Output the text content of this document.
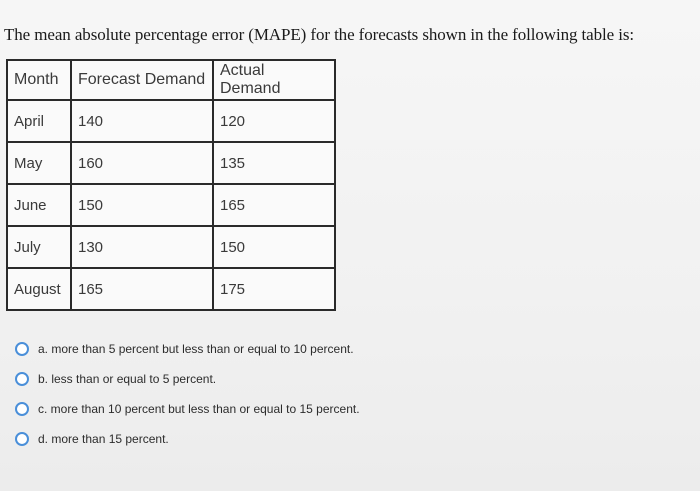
The mean absolute percentage error (MAPE) for the forecasts shown in the following table is:
Month	Forecast Demand	Actual Demand
April	140	120
May	160	135
June	150	165
July	130	150
August	165	175
a. more than 5 percent but less than or equal to 10 percent.
b. less than or equal to 5 percent.
c. more than 10 percent but less than or equal to 15 percent.
d. more than 15 percent.
